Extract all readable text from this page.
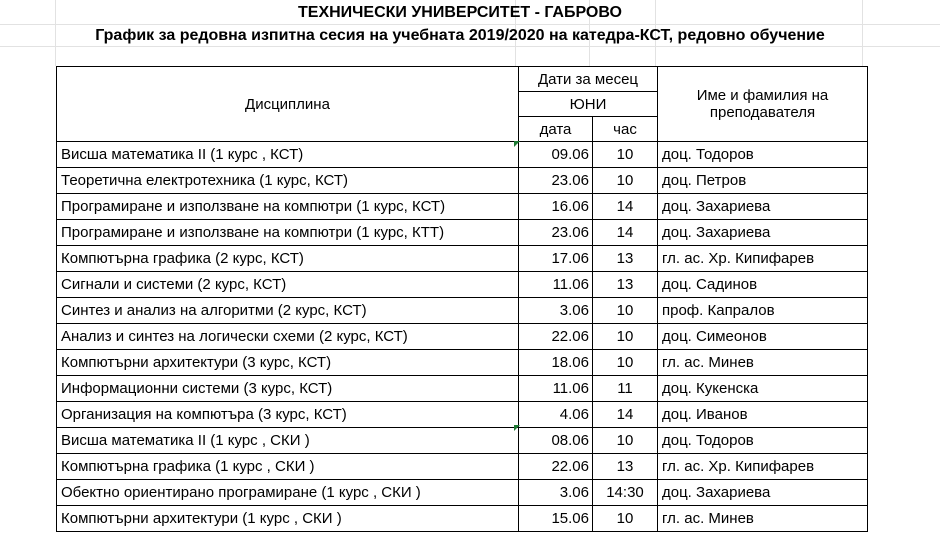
ТЕХНИЧЕСКИ УНИВЕРСИТЕТ - ГАБРОВО
График за редовна изпитна сесия на учебната 2019/2020 на катедра-КСТ, редовно обучение
Дисциплина	Дати за месец		Име и фамилия на преподавателя
	ЮНИ		
	дата	час	
Висша математика ІІ (1 курс , КСТ)	09.06	10	доц. Тодоров
Теоретична електротехника (1 курс, КСТ)	23.06	10	доц. Петров
Програмиране и използване на компютри (1 курс, КСТ)	16.06	14	доц. Захариева
Програмиране и използване на компютри (1 курс, КТТ)	23.06	14	доц. Захариева
Компютърна графика (2 курс, КСТ)	17.06	13	гл. ас. Хр. Кипифарев
Сигнали и системи (2 курс, КСТ)	11.06	13	доц. Садинов
Синтез и анализ на алгоритми (2 курс, КСТ)	3.06	10	проф. Капралов
Анализ и синтез на логически схеми (2 курс, КСТ)	22.06	10	доц. Симеонов
Компютърни архитектури (3 курс, КСТ)	18.06	10	гл. ас. Минев
Информационни системи (3 курс, КСТ)	11.06	11	доц. Кукенска
Организация на компютъра (3 курс, КСТ)	4.06	14	доц. Иванов
Висша математика ІІ (1 курс , СКИ )	08.06	10	доц. Тодоров
Компютърна графика (1 курс , СКИ )	22.06	13	гл. ас. Хр. Кипифарев
Обектно ориентирано програмиране (1 курс , СКИ )	3.06	14:30	доц. Захариева
Компютърни архитектури (1 курс , СКИ )	15.06	10	гл. ас. Минев
